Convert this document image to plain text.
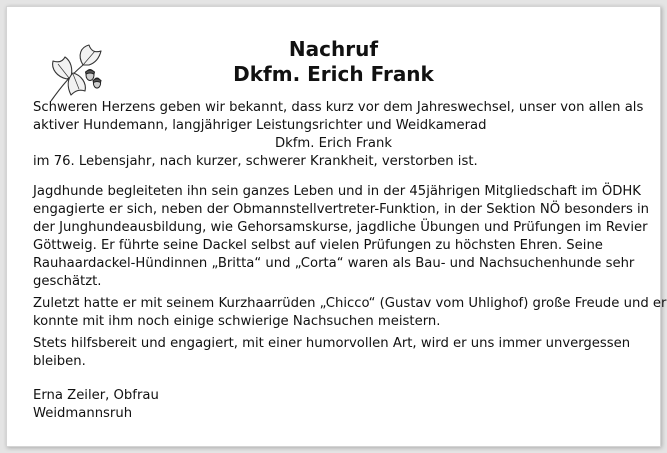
Nachruf
Dkfm. Erich Frank
Schweren Herzens geben wir bekannt, dass kurz vor dem Jahreswechsel, unser von allen als
aktiver Hundemann, langjähriger Leistungsrichter und Weidkamerad
Dkfm. Erich Frank
im 76. Lebensjahr, nach kurzer, schwerer Krankheit, verstorben ist.
Jagdhunde begleiteten ihn sein ganzes Leben und in der 45jährigen Mitgliedschaft im ÖDHK
engagierte er sich, neben der Obmannstellvertreter-Funktion, in der Sektion NÖ besonders in
der Junghundeausbildung, wie Gehorsamskurse, jagdliche Übungen und Prüfungen im Revier
Göttweig. Er führte seine Dackel selbst auf vielen Prüfungen zu höchsten Ehren. Seine
Rauhaardackel-Hündinnen „Britta“ und „Corta“ waren als Bau- und Nachsuchenhunde sehr
geschätzt.
Zuletzt hatte er mit seinem Kurzhaarrüden „Chicco“ (Gustav vom Uhlighof) große Freude und er
konnte mit ihm noch einige schwierige Nachsuchen meistern.
Stets hilfsbereit und engagiert, mit einer humorvollen Art, wird er uns immer unvergessen
bleiben.
Erna Zeiler, Obfrau
Weidmannsruh
